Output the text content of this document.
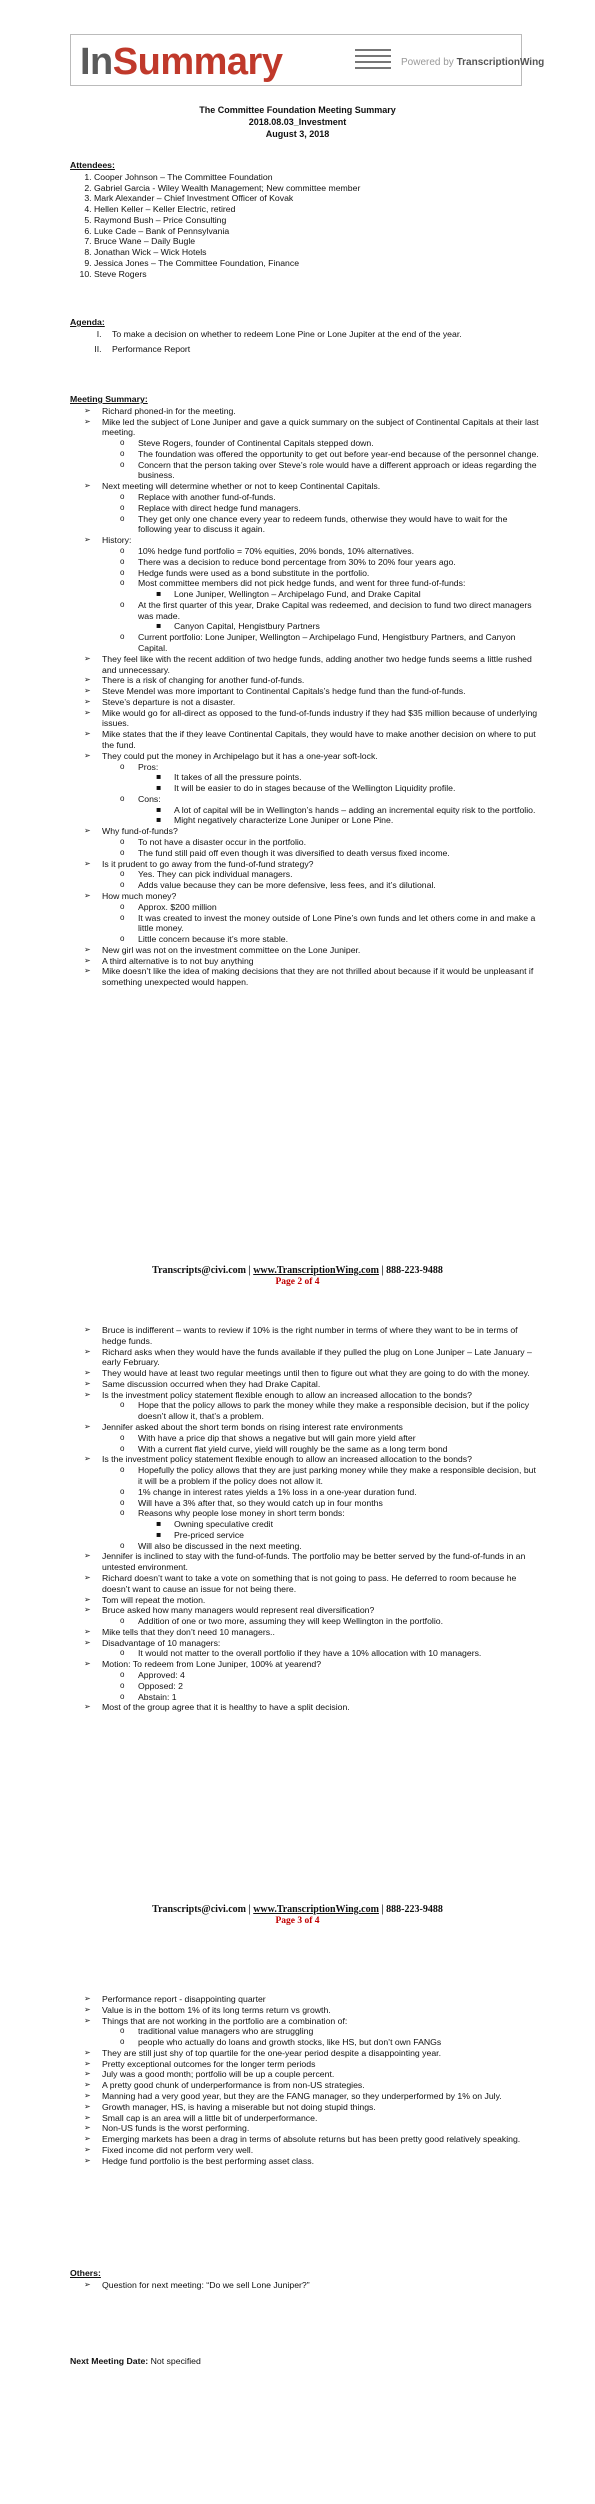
InSummary	Powered by TranscriptionWing
The Committee Foundation Meeting Summary
2018.08.03_Investment
August 3, 2018

Attendees:

1. Cooper Johnson – The Committee Foundation
2. Gabriel Garcia - Wiley Wealth Management; New committee member
3. Mark Alexander – Chief Investment Officer of Kovak
4. Hellen Keller – Keller Electric, retired
5. Raymond Bush – Price Consulting
6. Luke Cade – Bank of Pennsylvania
7. Bruce Wane – Daily Bugle
8. Jonathan Wick – Wick Hotels
9. Jessica Jones – The Committee Foundation, Finance
10. Steve Rogers

Agenda:

I. To make a decision on whether to redeem Lone Pine or Lone Jupiter at the end of the year.
II. Performance Report

Meeting Summary:

➢ Richard phoned-in for the meeting.
➢ Mike led the subject of Lone Juniper and gave a quick summary on the subject of Continental Capitals at their last meeting.
o Steve Rogers, founder of Continental Capitals stepped down.
o The foundation was offered the opportunity to get out before year-end because of the personnel change.
o Concern that the person taking over Steve’s role would have a different approach or ideas regarding the business.
➢ Next meeting will determine whether or not to keep Continental Capitals.
o Replace with another fund-of-funds.
o Replace with direct hedge fund managers.
o They get only one chance every year to redeem funds, otherwise they would have to wait for the following year to discuss it again.
➢ History:
o 10% hedge fund portfolio = 70% equities, 20% bonds, 10% alternatives.
o There was a decision to reduce bond percentage from 30% to 20% four years ago.
o Hedge funds were used as a bond substitute in the portfolio.
o Most committee members did not pick hedge funds, and went for three fund-of-funds:
▪ Lone Juniper, Wellington – Archipelago Fund, and Drake Capital
o At the first quarter of this year, Drake Capital was redeemed, and decision to fund two direct managers was made.
▪ Canyon Capital, Hengistbury Partners
o Current portfolio: Lone Juniper, Wellington – Archipelago Fund, Hengistbury Partners, and Canyon Capital.
➢ They feel like with the recent addition of two hedge funds, adding another two hedge funds seems a little rushed and unnecessary.
➢ There is a risk of changing for another fund-of-funds.
➢ Steve Mendel was more important to Continental Capitals’s hedge fund than the fund-of-funds.
➢ Steve’s departure is not a disaster.
➢ Mike would go for all-direct as opposed to the fund-of-funds industry if they had $35 million because of underlying issues.
➢ Mike states that the if they leave Continental Capitals, they would have to make another decision on where to put the fund.
➢ They could put the money in Archipelago but it has a one-year soft-lock.
o Pros:
▪ It takes of all the pressure points.
▪ It will be easier to do in stages because of the Wellington Liquidity profile.
o Cons:
▪ A lot of capital will be in Wellington’s hands – adding an incremental equity risk to the portfolio.
▪ Might negatively characterize Lone Juniper or Lone Pine.
➢ Why fund-of-funds?
o To not have a disaster occur in the portfolio.
o The fund still paid off even though it was diversified to death versus fixed income.
➢ Is it prudent to go away from the fund-of-fund strategy?
o Yes. They can pick individual managers.
o Adds value because they can be more defensive, less fees, and it’s dilutional.
➢ How much money?
o Approx. $200 million
o It was created to invest the money outside of Lone Pine’s own funds and let others come in and make a little money.
o Little concern because it’s more stable.
➢ New girl was not on the investment committee on the Lone Juniper.
➢ A third alternative is to not buy anything
➢ Mike doesn’t like the idea of making decisions that they are not thrilled about because if it would be unpleasant if something unexpected would happen.
Transcripts@civi.com | www.TranscriptionWing.com | 888-223-9488
Page 2 of 4
➢ Bruce is indifferent – wants to review if 10% is the right number in terms of where they want to be in terms of hedge funds.
➢ Richard asks when they would have the funds available if they pulled the plug on Lone Juniper – Late January – early February.
➢ They would have at least two regular meetings until then to figure out what they are going to do with the money.
➢ Same discussion occurred when they had Drake Capital.
➢ Is the investment policy statement flexible enough to allow an increased allocation to the bonds?
o Hope that the policy allows to park the money while they make a responsible decision, but if the policy doesn’t allow it, that’s a problem.
➢ Jennifer asked about the short term bonds on rising interest rate environments
o With have a price dip that shows a negative but will gain more yield after
o With a current flat yield curve, yield will roughly be the same as a long term bond
➢ Is the investment policy statement flexible enough to allow an increased allocation to the bonds?
o Hopefully the policy allows that they are just parking money while they make a responsible decision, but it will be a problem if the policy does not allow it.
o 1% change in interest rates yields a 1% loss in a one-year duration fund.
o Will have a 3% after that, so they would catch up in four months
o Reasons why people lose money in short term bonds:
▪ Owning speculative credit
▪ Pre-priced service
o Will also be discussed in the next meeting.
➢ Jennifer is inclined to stay with the fund-of-funds. The portfolio may be better served by the fund-of-funds in an untested environment.
➢ Richard doesn’t want to take a vote on something that is not going to pass. He deferred to room because he doesn’t want to cause an issue for not being there.
➢ Tom will repeat the motion.
➢ Bruce asked how many managers would represent real diversification?
o Addition of one or two more, assuming they will keep Wellington in the portfolio.
➢ Mike tells that they don’t need 10 managers..
➢ Disadvantage of 10 managers:
o It would not matter to the overall portfolio if they have a 10% allocation with 10 managers.
➢ Motion: To redeem from Lone Juniper, 100% at yearend?
o Approved: 4
o Opposed: 2
o Abstain: 1
➢ Most of the group agree that it is healthy to have a split decision.
Transcripts@civi.com | www.TranscriptionWing.com | 888-223-9488
Page 3 of 4
➢ Performance report - disappointing quarter
➢ Value is in the bottom 1% of its long terms return vs growth.
➢ Things that are not working in the portfolio are a combination of:
o traditional value managers who are struggling
o people who actually do loans and growth stocks, like HS, but don’t own FANGs
➢ They are still just shy of top quartile for the one-year period despite a disappointing year.
➢ Pretty exceptional outcomes for the longer term periods
➢ July was a good month; portfolio will be up a couple percent.
➢ A pretty good chunk of underperformance is from non-US strategies.
➢ Manning had a very good year, but they are the FANG manager, so they underperformed by 1% on July.
➢ Growth manager, HS, is having a miserable but not doing stupid things.
➢ Small cap is an area will a little bit of underperformance.
➢ Non-US funds is the worst performing.
➢ Emerging markets has been a drag in terms of absolute returns but has been pretty good relatively speaking.
➢ Fixed income did not perform very well.
➢ Hedge fund portfolio is the best performing asset class.

Others:

➢ Question for next meeting: “Do we sell Lone Juniper?”
Next Meeting Date: Not specified
